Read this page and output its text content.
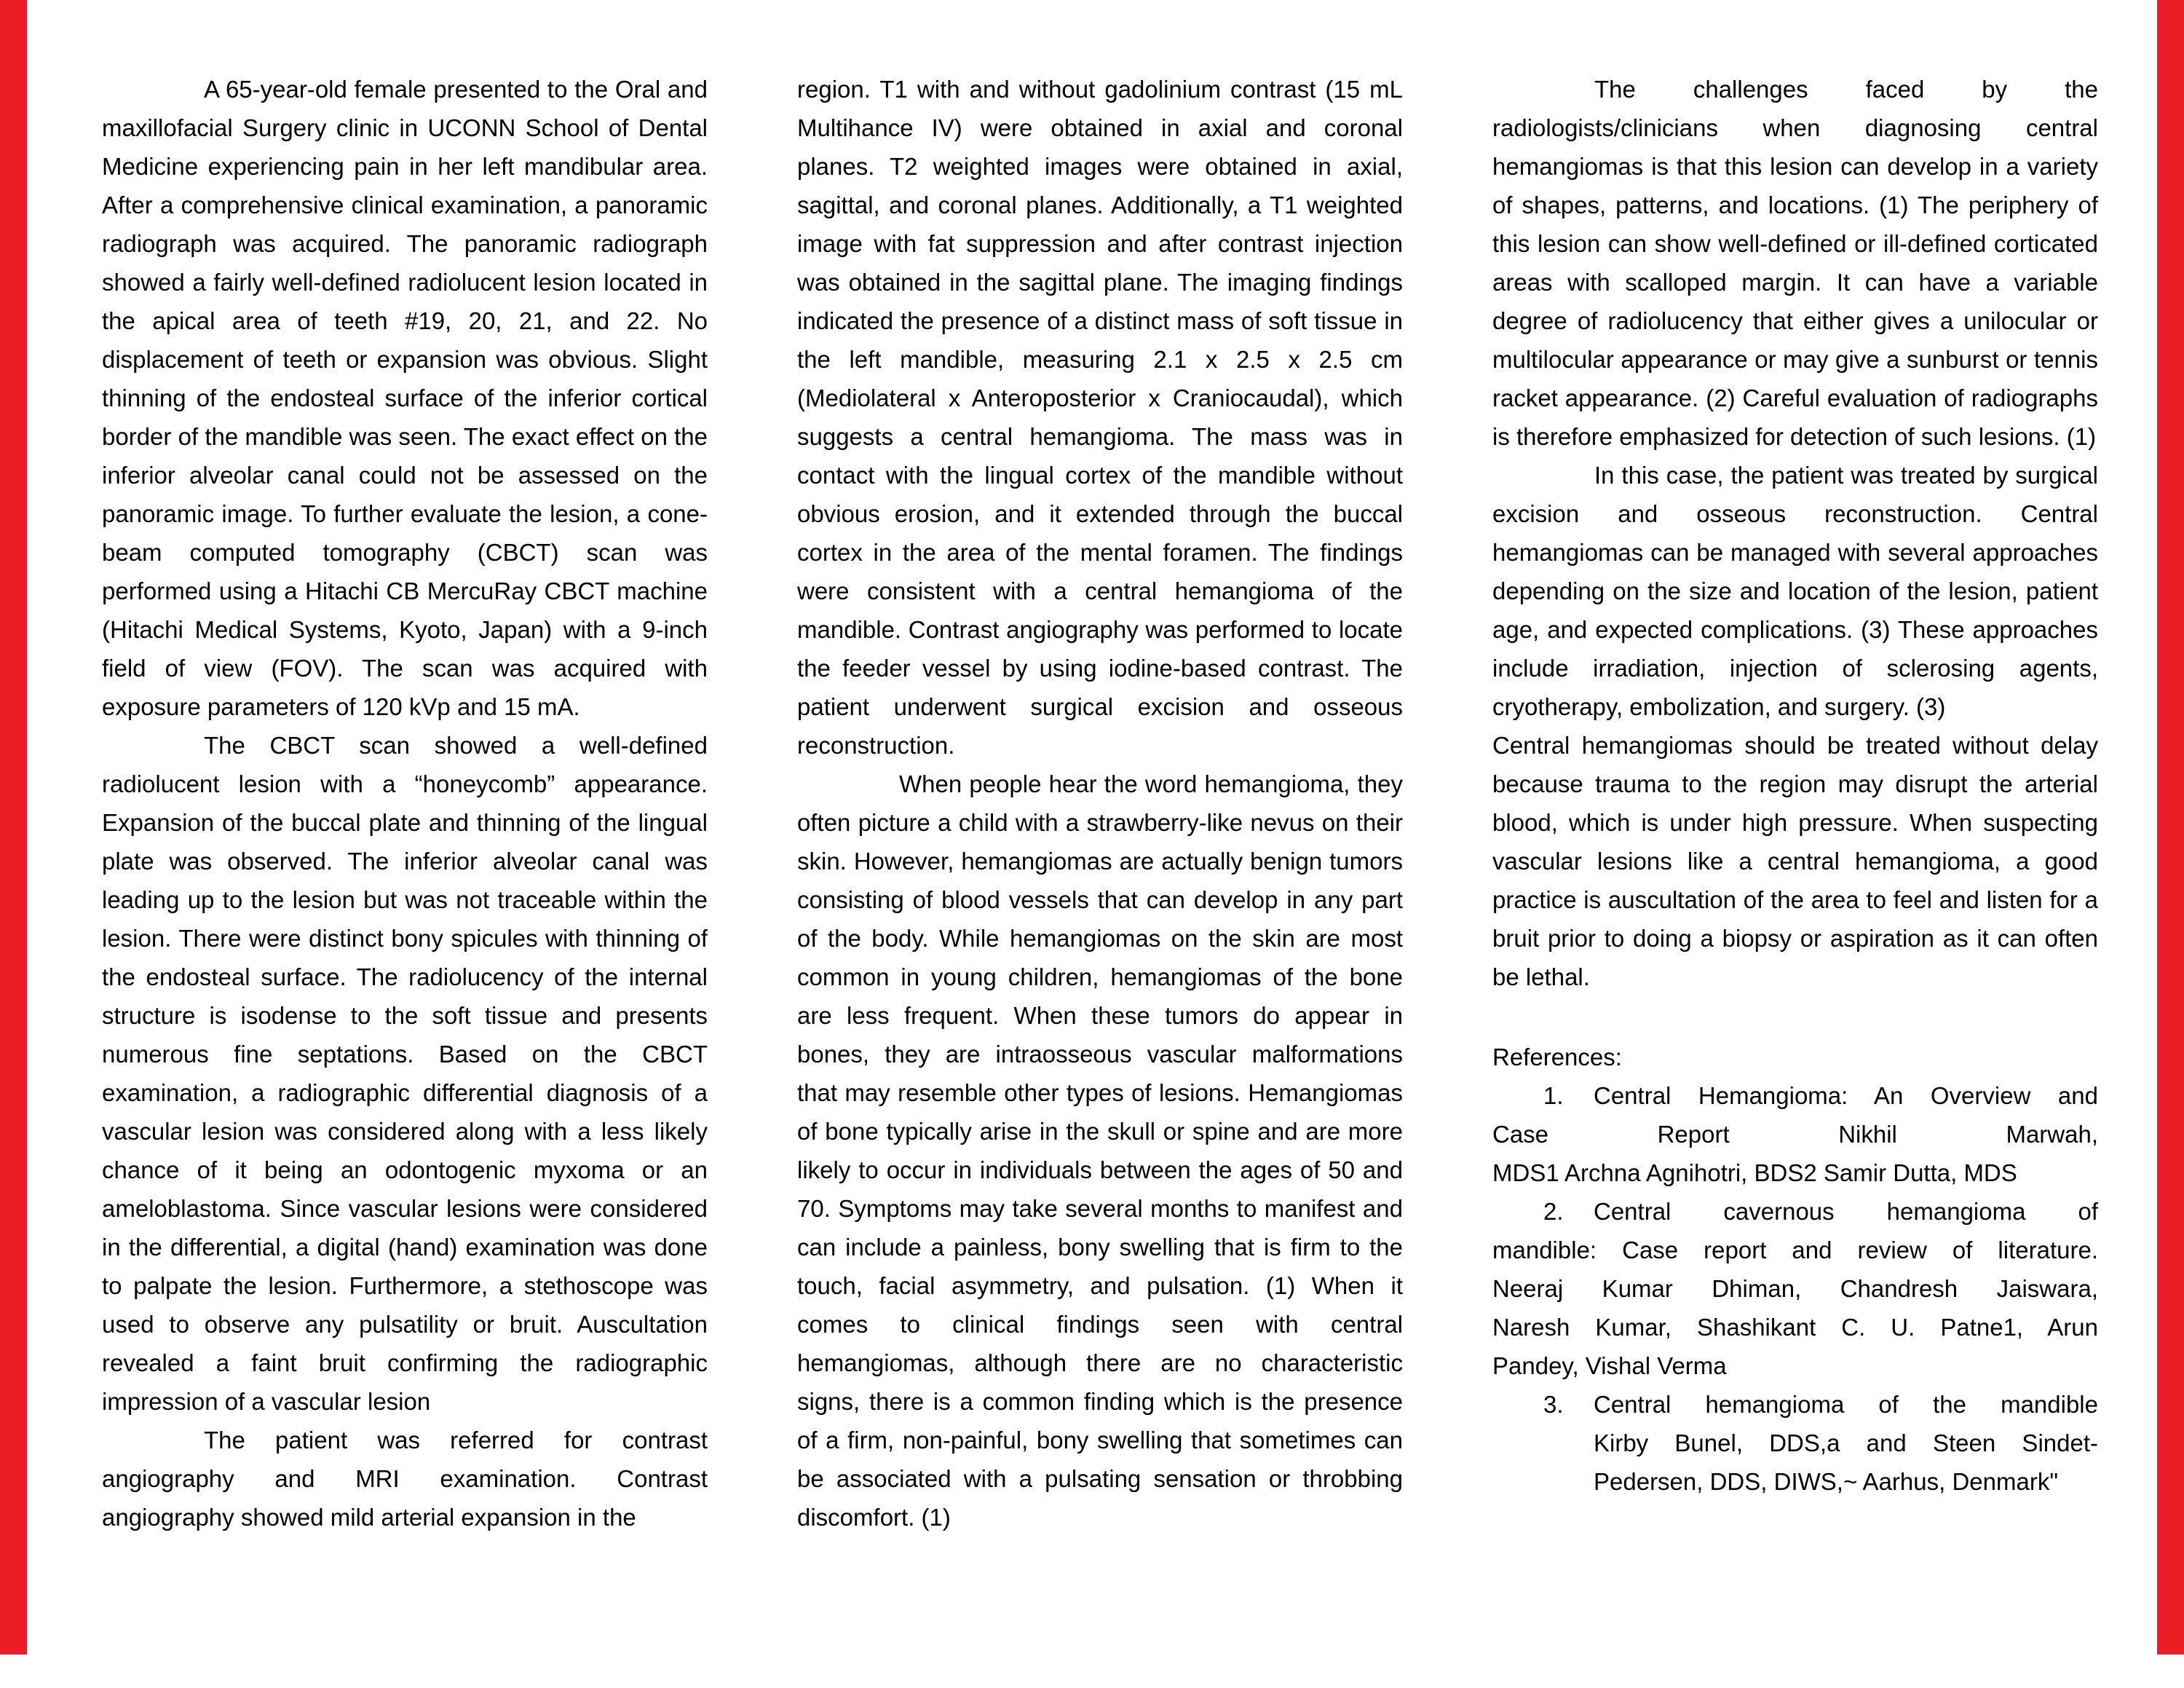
A 65-year-old female presented to the Oral and maxillofacial Surgery clinic in UCONN School of Dental Medicine experiencing pain in her left mandibular area. After a comprehensive clinical examination, a panoramic radiograph was acquired. The panoramic radiograph showed a fairly well-defined radiolucent lesion located in the apical area of teeth #19, 20, 21, and 22. No displacement of teeth or expansion was obvious. Slight thinning of the endosteal surface of the inferior cortical border of the mandible was seen. The exact effect on the inferior alveolar canal could not be assessed on the panoramic image. To further evaluate the lesion, a cone-beam computed tomography (CBCT) scan was performed using a Hitachi CB MercuRay CBCT machine (Hitachi Medical Systems, Kyoto, Japan) with a 9-inch field of view (FOV). The scan was acquired with exposure parameters of 120 kVp and 15 mA.

The CBCT scan showed a well-defined radiolucent lesion with a “honeycomb” appearance. Expansion of the buccal plate and thinning of the lingual plate was observed. The inferior alveolar canal was leading up to the lesion but was not traceable within the lesion. There were distinct bony spicules with thinning of the endosteal surface. The radiolucency of the internal structure is isodense to the soft tissue and presents numerous fine septations. Based on the CBCT examination, a radiographic differential diagnosis of a vascular lesion was considered along with a less likely chance of it being an odontogenic myxoma or an ameloblastoma. Since vascular lesions were considered in the differential, a digital (hand) examination was done to palpate the lesion. Furthermore, a stethoscope was used to observe any pulsatility or bruit. Auscultation revealed a faint bruit confirming the radiographic impression of a vascular lesion

The patient was referred for contrast angiography and MRI examination. Contrast angiography showed mild arterial expansion in the

region. T1 with and without gadolinium contrast (15 mL Multihance IV) were obtained in axial and coronal planes. T2 weighted images were obtained in axial, sagittal, and coronal planes. Additionally, a T1 weighted image with fat suppression and after contrast injection was obtained in the sagittal plane. The imaging findings indicated the presence of a distinct mass of soft tissue in the left mandible, measuring 2.1 x 2.5 x 2.5 cm (Mediolateral x Anteroposterior x Craniocaudal), which suggests a central hemangioma. The mass was in contact with the lingual cortex of the mandible without obvious erosion, and it extended through the buccal cortex in the area of the mental foramen. The findings were consistent with a central hemangioma of the mandible. Contrast angiography was performed to locate the feeder vessel by using iodine-based contrast. The patient underwent surgical excision and osseous reconstruction.

When people hear the word hemangioma, they often picture a child with a strawberry-like nevus on their skin. However, hemangiomas are actually benign tumors consisting of blood vessels that can develop in any part of the body. While hemangiomas on the skin are most common in young children, hemangiomas of the bone are less frequent. When these tumors do appear in bones, they are intraosseous vascular malformations that may resemble other types of lesions. Hemangiomas of bone typically arise in the skull or spine and are more likely to occur in individuals between the ages of 50 and 70. Symptoms may take several months to manifest and can include a painless, bony swelling that is firm to the touch, facial asymmetry, and pulsation. (1) When it comes to clinical findings seen with central hemangiomas, although there are no characteristic signs, there is a common finding which is the presence of a firm, non-painful, bony swelling that sometimes can be associated with a pulsating sensation or throbbing discomfort. (1)

The challenges faced by the radiologists/clinicians when diagnosing central hemangiomas is that this lesion can develop in a variety of shapes, patterns, and locations. (1) The periphery of this lesion can show well-defined or ill-defined corticated areas with scalloped margin. It can have a variable degree of radiolucency that either gives a unilocular or multilocular appearance or may give a sunburst or tennis racket appearance. (2) Careful evaluation of radiographs is therefore emphasized for detection of such lesions. (1)

In this case, the patient was treated by surgical excision and osseous reconstruction. Central hemangiomas can be managed with several approaches depending on the size and location of the lesion, patient age, and expected complications. (3) These approaches include irradiation, injection of sclerosing agents, cryotherapy, embolization, and surgery. (3)

Central hemangiomas should be treated without delay because trauma to the region may disrupt the arterial blood, which is under high pressure. When suspecting vascular lesions like a central hemangioma, a good practice is auscultation of the area to feel and listen for a bruit prior to doing a biopsy or aspiration as it can often be lethal.

References:
1. Central Hemangioma: An Overview and
Case Report Nikhil Marwah,
MDS1 Archna Agnihotri, BDS2 Samir Dutta, MDS
2. Central cavernous hemangioma of
mandible: Case report and review of literature.
Neeraj Kumar Dhiman, Chandresh Jaiswara,
Naresh Kumar, Shashikant C. U. Patne1, Arun
Pandey, Vishal Verma
3. Central hemangioma of the mandible
Kirby Bunel, DDS,a and Steen Sindet-
Pedersen, DDS, DIWS,~ Aarhus, Denmark"
